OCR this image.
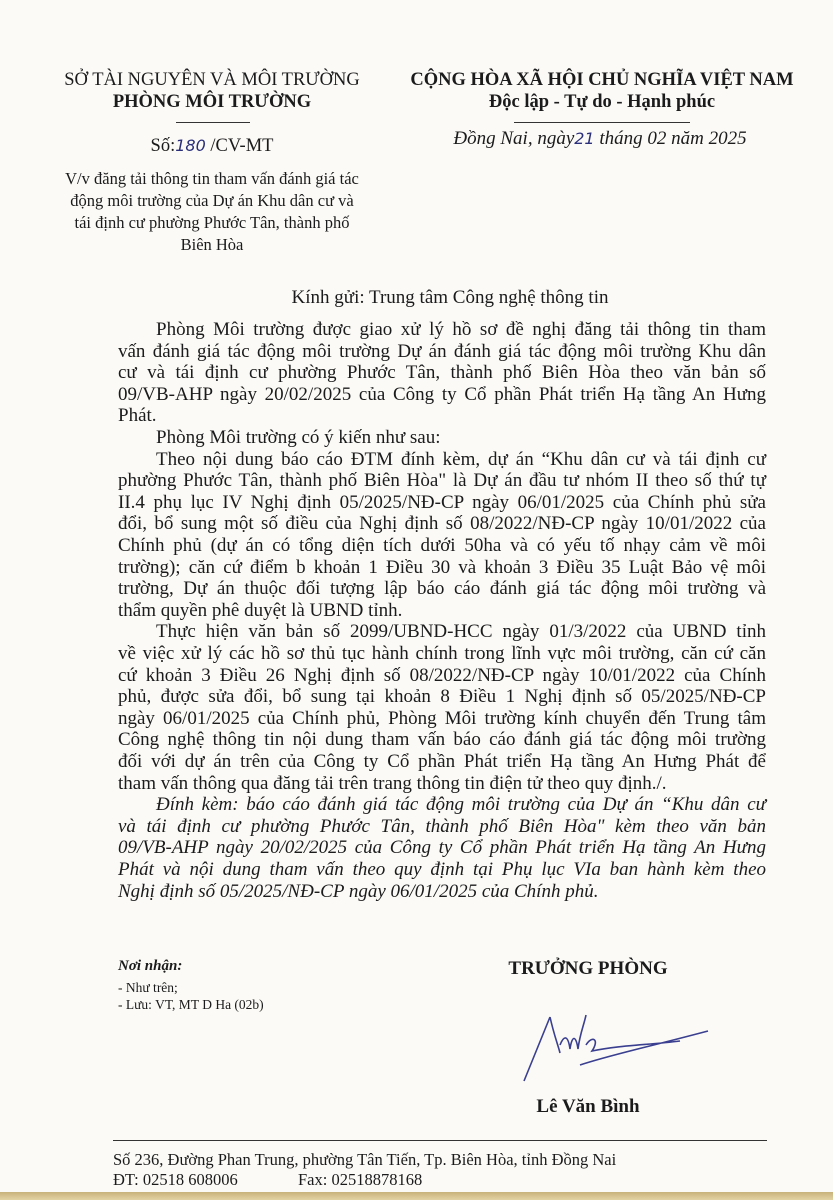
SỞ TÀI NGUYÊN VÀ MÔI TRƯỜNG
PHÒNG MÔI TRƯỜNG
Số:180 /CV-MT
V/v đăng tải thông tin tham vấn đánh giá tác
động môi trường của Dự án Khu dân cư và
tái định cư phường Phước Tân, thành phố
Biên Hòa
CỘNG HÒA XÃ HỘI CHỦ NGHĨA VIỆT NAM
Độc lập - Tự do - Hạnh phúc
Đồng Nai, ngày21 tháng 02 năm 2025
Kính gửi: Trung tâm Công nghệ thông tin
Phòng Môi trường được giao xử lý hồ sơ đề nghị đăng tải thông tin tham
vấn đánh giá tác động môi trường Dự án đánh giá tác động môi trường Khu dân
cư và tái định cư phường Phước Tân, thành phố Biên Hòa theo văn bản số
09/VB-AHP ngày 20/02/2025 của Công ty Cổ phần Phát triển Hạ tầng An Hưng
Phát.
Phòng Môi trường có ý kiến như sau:
Theo nội dung báo cáo ĐTM đính kèm, dự án “Khu dân cư và tái định cư
phường Phước Tân, thành phố Biên Hòa" là Dự án đầu tư nhóm II theo số thứ tự
II.4 phụ lục IV Nghị định 05/2025/NĐ-CP ngày 06/01/2025 của Chính phủ sửa
đổi, bổ sung một số điều của Nghị định số 08/2022/NĐ-CP ngày 10/01/2022 của
Chính phủ (dự án có tổng diện tích dưới 50ha và có yếu tố nhạy cảm về môi
trường); căn cứ điểm b khoản 1 Điều 30 và khoản 3 Điều 35 Luật Bảo vệ môi
trường, Dự án thuộc đối tượng lập báo cáo đánh giá tác động môi trường và
thẩm quyền phê duyệt là UBND tỉnh.
Thực hiện văn bản số 2099/UBND-HCC ngày 01/3/2022 của UBND tỉnh
về việc xử lý các hồ sơ thủ tục hành chính trong lĩnh vực môi trường, căn cứ căn
cứ khoản 3 Điều 26 Nghị định số 08/2022/NĐ-CP ngày 10/01/2022 của Chính
phủ, được sửa đổi, bổ sung tại khoản 8 Điều 1 Nghị định số 05/2025/NĐ-CP
ngày 06/01/2025 của Chính phủ, Phòng Môi trường kính chuyển đến Trung tâm
Công nghệ thông tin nội dung tham vấn báo cáo đánh giá tác động môi trường
đối với dự án trên của Công ty Cổ phần Phát triển Hạ tầng An Hưng Phát để
tham vấn thông qua đăng tải trên trang thông tin điện tử theo quy định./.
Đính kèm: báo cáo đánh giá tác động môi trường của Dự án “Khu dân cư
và tái định cư phường Phước Tân, thành phố Biên Hòa" kèm theo văn bản
09/VB-AHP ngày 20/02/2025 của Công ty Cổ phần Phát triển Hạ tầng An Hưng
Phát và nội dung tham vấn theo quy định tại Phụ lục VIa ban hành kèm theo
Nghị định số 05/2025/NĐ-CP ngày 06/01/2025 của Chính phủ.
Nơi nhận:
- Như trên;
- Lưu: VT, MT D Ha (02b)
TRƯỞNG PHÒNG
Lê Văn Bình
Số 236, Đường Phan Trung, phường Tân Tiến, Tp. Biên Hòa, tỉnh Đồng Nai
ĐT: 02518 608006	Fax: 02518878168
